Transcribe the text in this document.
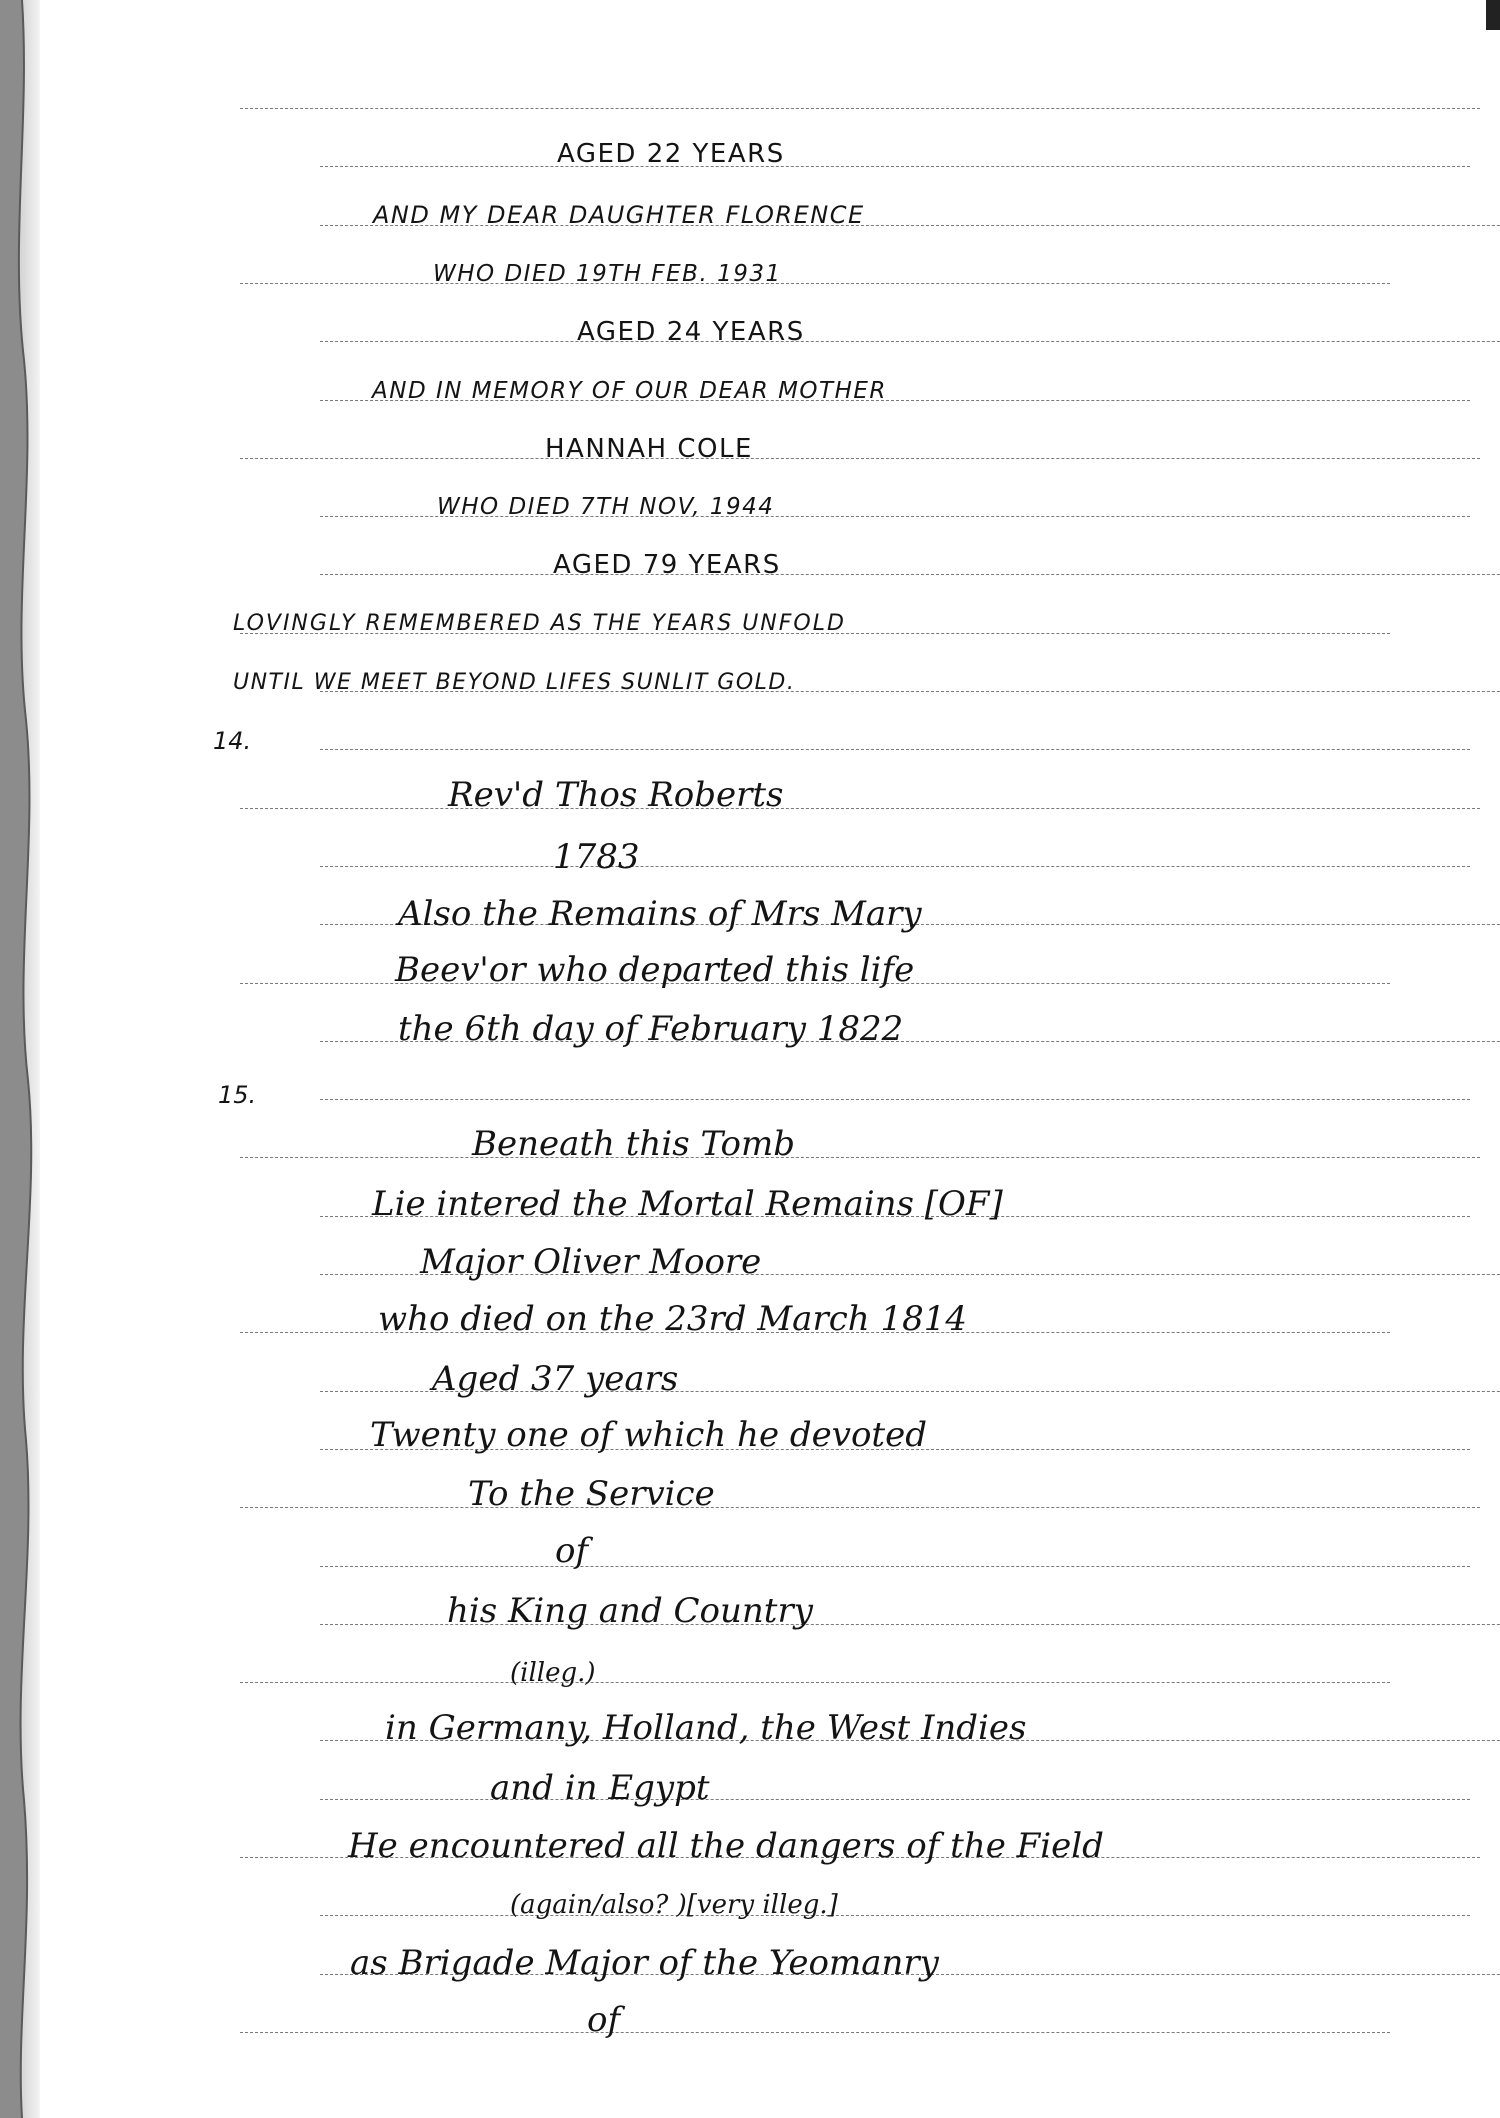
AGED 22 YEARS
AND MY DEAR DAUGHTER FLORENCE
WHO DIED 19TH FEB. 1931
AGED 24 YEARS
AND IN MEMORY OF OUR DEAR MOTHER
HANNAH COLE
WHO DIED 7TH NOV, 1944
AGED 79 YEARS
LOVINGLY REMEMBERED AS THE YEARS UNFOLD
UNTIL WE MEET BEYOND LIFES SUNLIT GOLD.
14.
Rev'd Thos Roberts
1783
Also the Remains of Mrs Mary
Beev'or who departed this life
the 6th day of February 1822
15.
Beneath this Tomb
Lie intered the Mortal Remains [OF]
Major Oliver Moore
who died on the 23rd March 1814
Aged 37 years
Twenty one of which he devoted
To the Service
of
his King and Country
(illeg.)
in Germany, Holland, the West Indies
and in Egypt
He encountered all the dangers of the Field
(again/also? )[very illeg.]
as Brigade Major of the Yeomanry
of
